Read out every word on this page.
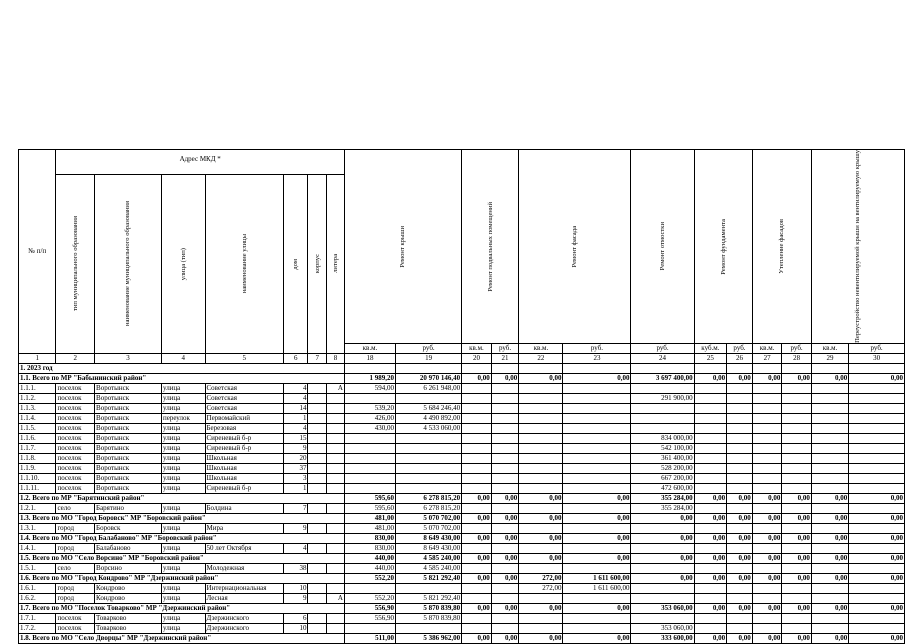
№ п/п	Адрес МКД *							Ремонт крыши		Ремонт подвальных помещений		Ремонт фасада		Ремонт отмостки	Ремонт фундамента		Утепление фасадов		Переустройство невентилируемой крыши на вентилируемую крышу	

	тип муниципального образования	наименование муниципального образования	улица (тип)	наименование улицы	дом	корпус	литера													

								кв.м.	руб.	кв.м.	руб.	кв.м.	руб.	руб.	куб.м.	руб.	кв.м.	руб.	кв.м.	руб.
1	2	3	4	5	6	7	8	18	19	20	21	22	23	24	25	26	27	28	29	30
1. 2023 год																				
1.1. Всего по МР "Бабынинский район"								1 989,20	20 970 146,40	0,00	0,00	0,00	0,00	3 697 400,00	0,00	0,00	0,00	0,00	0,00	0,00
1.1.1.	поселок	Воротынск	улица	Советская	4		А	594,00	6 261 948,00											
1.1.2.	поселок	Воротынск	улица	Советская	4									291 900,00						
1.1.3.	поселок	Воротынск	улица	Советская	14			539,20	5 684 246,40											
1.1.4.	поселок	Воротынск	переулок	Первомайский	1			426,00	4 490 892,00											
1.1.5.	поселок	Воротынск	улица	Березовая	4			430,00	4 533 060,00											
1.1.6.	поселок	Воротынск	улица	Сиреневый б-р	15									834 000,00						
1.1.7.	поселок	Воротынск	улица	Сиреневый б-р	9									542 100,00						
1.1.8.	поселок	Воротынск	улица	Школьная	20									361 400,00						
1.1.9.	поселок	Воротынск	улица	Школьная	37									528 200,00						
1.1.10.	поселок	Воротынск	улица	Школьная	3									667 200,00						
1.1.11.	поселок	Воротынск	улица	Сиреневый б-р	1									472 600,00						
1.2. Всего по МР "Барятинский район"								595,60	6 278 815,20	0,00	0,00	0,00	0,00	355 284,00	0,00	0,00	0,00	0,00	0,00	0,00
1.2.1.	село	Барятино	улица	Болдина	7			595,60	6 278 815,20					355 284,00						
1.3. Всего по МО "Город Боровск" МР "Боровский район"								481,00	5 070 702,00	0,00	0,00	0,00	0,00	0,00	0,00	0,00	0,00	0,00	0,00	0,00
1.3.1.	город	Боровск	улица	Мира	9			481,00	5 070 702,00											
1.4. Всего по МО "Город Балабаново" МР "Боровский район"								830,00	8 649 430,00	0,00	0,00	0,00	0,00	0,00	0,00	0,00	0,00	0,00	0,00	0,00
1.4.1.	город	Балабаново	улица	50 лет Октября	4			830,00	8 649 430,00											
1.5. Всего по МО "Село Ворсино" МР "Боровский район"								440,00	4 585 240,00	0,00	0,00	0,00	0,00	0,00	0,00	0,00	0,00	0,00	0,00	0,00
1.5.1.	село	Ворсино	улица	Молодежная	38			440,00	4 585 240,00											
1.6. Всего по МО "Город Кондрово" МР "Дзержинский район"								552,20	5 821 292,40	0,00	0,00	272,00	1 611 600,00	0,00	0,00	0,00	0,00	0,00	0,00	0,00
1.6.1.	город	Кондрово	улица	Интернациональная	10							272,00	1 611 600,00							
1.6.2.	город	Кондрово	улица	Лесная	9		А	552,20	5 821 292,40											
1.7. Всего по МО "Поселок Товарково" МР "Дзержинский район"								556,90	5 870 839,80	0,00	0,00	0,00	0,00	353 060,00	0,00	0,00	0,00	0,00	0,00	0,00
1.7.1.	поселок	Товарково	улица	Дзержинского	6			556,90	5 870 839,80											
1.7.2.	поселок	Товарково	улица	Дзержинского	10									353 060,00						
1.8. Всего по МО "Село Дворцы" МР "Дзержинский район"								511,00	5 386 962,00	0,00	0,00	0,00	0,00	333 600,00	0,00	0,00	0,00	0,00	0,00	0,00
